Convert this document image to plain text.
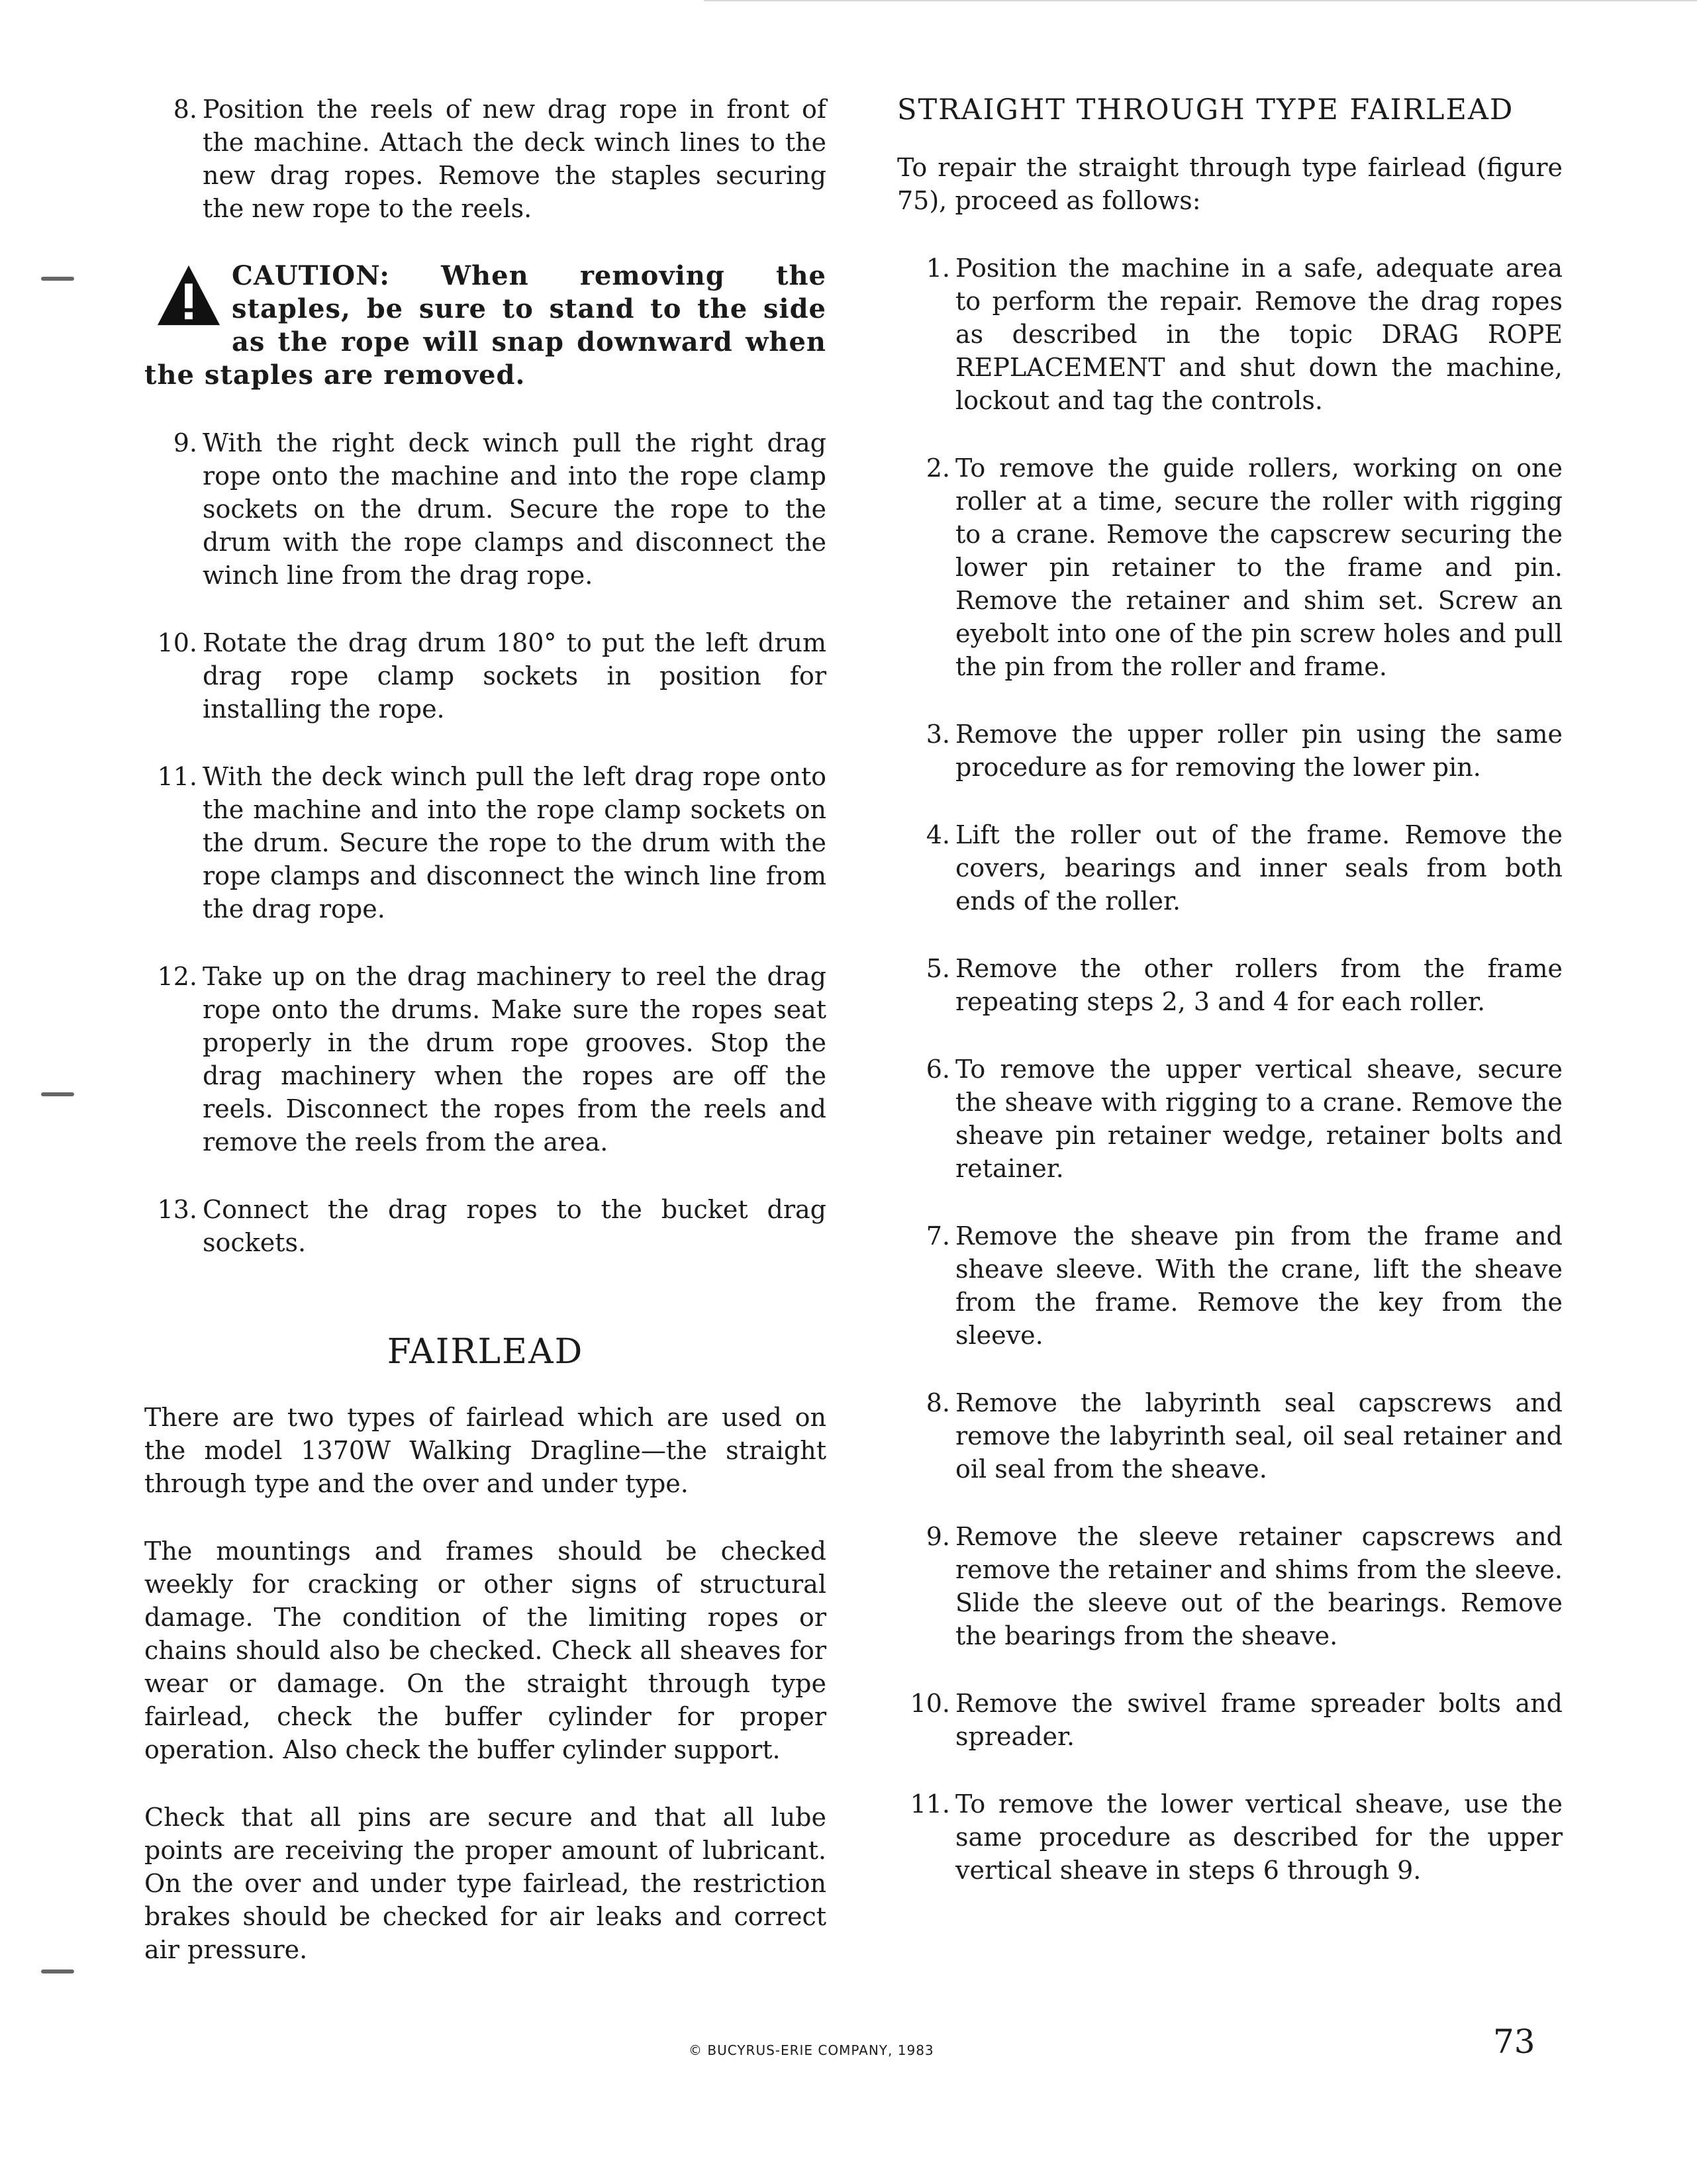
8. Position the reels of new drag rope in front of the machine. Attach the deck winch lines to the new drag ropes. Remove the staples securing the new rope to the reels.
CAUTION: When removing the staples, be sure to stand to the side as the rope will snap downward when the staples are removed.
9. With the right deck winch pull the right drag rope onto the machine and into the rope clamp sockets on the drum. Secure the rope to the drum with the rope clamps and disconnect the winch line from the drag rope.
10. Rotate the drag drum 180° to put the left drum drag rope clamp sockets in position for installing the rope.
11. With the deck winch pull the left drag rope onto the machine and into the rope clamp sockets on the drum. Secure the rope to the drum with the rope clamps and disconnect the winch line from the drag rope.
12. Take up on the drag machinery to reel the drag rope onto the drums. Make sure the ropes seat properly in the drum rope grooves. Stop the drag machinery when the ropes are off the reels. Disconnect the ropes from the reels and remove the reels from the area.
13. Connect the drag ropes to the bucket drag sockets.
FAIRLEAD
There are two types of fairlead which are used on the model 1370W Walking Dragline—the straight through type and the over and under type.
The mountings and frames should be checked weekly for cracking or other signs of structural damage. The condition of the limiting ropes or chains should also be checked. Check all sheaves for wear or damage. On the straight through type fairlead, check the buffer cylinder for proper operation. Also check the buffer cylinder support.
Check that all pins are secure and that all lube points are receiving the proper amount of lubricant. On the over and under type fairlead, the restriction brakes should be checked for air leaks and correct air pressure.
STRAIGHT THROUGH TYPE FAIRLEAD
To repair the straight through type fairlead (figure 75), proceed as follows:
1. Position the machine in a safe, adequate area to perform the repair. Remove the drag ropes as described in the topic DRAG ROPE REPLACEMENT and shut down the machine, lockout and tag the controls.
2. To remove the guide rollers, working on one roller at a time, secure the roller with rigging to a crane. Remove the capscrew securing the lower pin retainer to the frame and pin. Remove the retainer and shim set. Screw an eyebolt into one of the pin screw holes and pull the pin from the roller and frame.
3. Remove the upper roller pin using the same procedure as for removing the lower pin.
4. Lift the roller out of the frame. Remove the covers, bearings and inner seals from both ends of the roller.
5. Remove the other rollers from the frame repeating steps 2, 3 and 4 for each roller.
6. To remove the upper vertical sheave, secure the sheave with rigging to a crane. Remove the sheave pin retainer wedge, retainer bolts and retainer.
7. Remove the sheave pin from the frame and sheave sleeve. With the crane, lift the sheave from the frame. Remove the key from the sleeve.
8. Remove the labyrinth seal capscrews and remove the labyrinth seal, oil seal retainer and oil seal from the sheave.
9. Remove the sleeve retainer capscrews and remove the retainer and shims from the sleeve. Slide the sleeve out of the bearings. Remove the bearings from the sheave.
10. Remove the swivel frame spreader bolts and spreader.
11. To remove the lower vertical sheave, use the same procedure as described for the upper vertical sheave in steps 6 through 9.
© BUCYRUS-ERIE COMPANY, 1983	73
